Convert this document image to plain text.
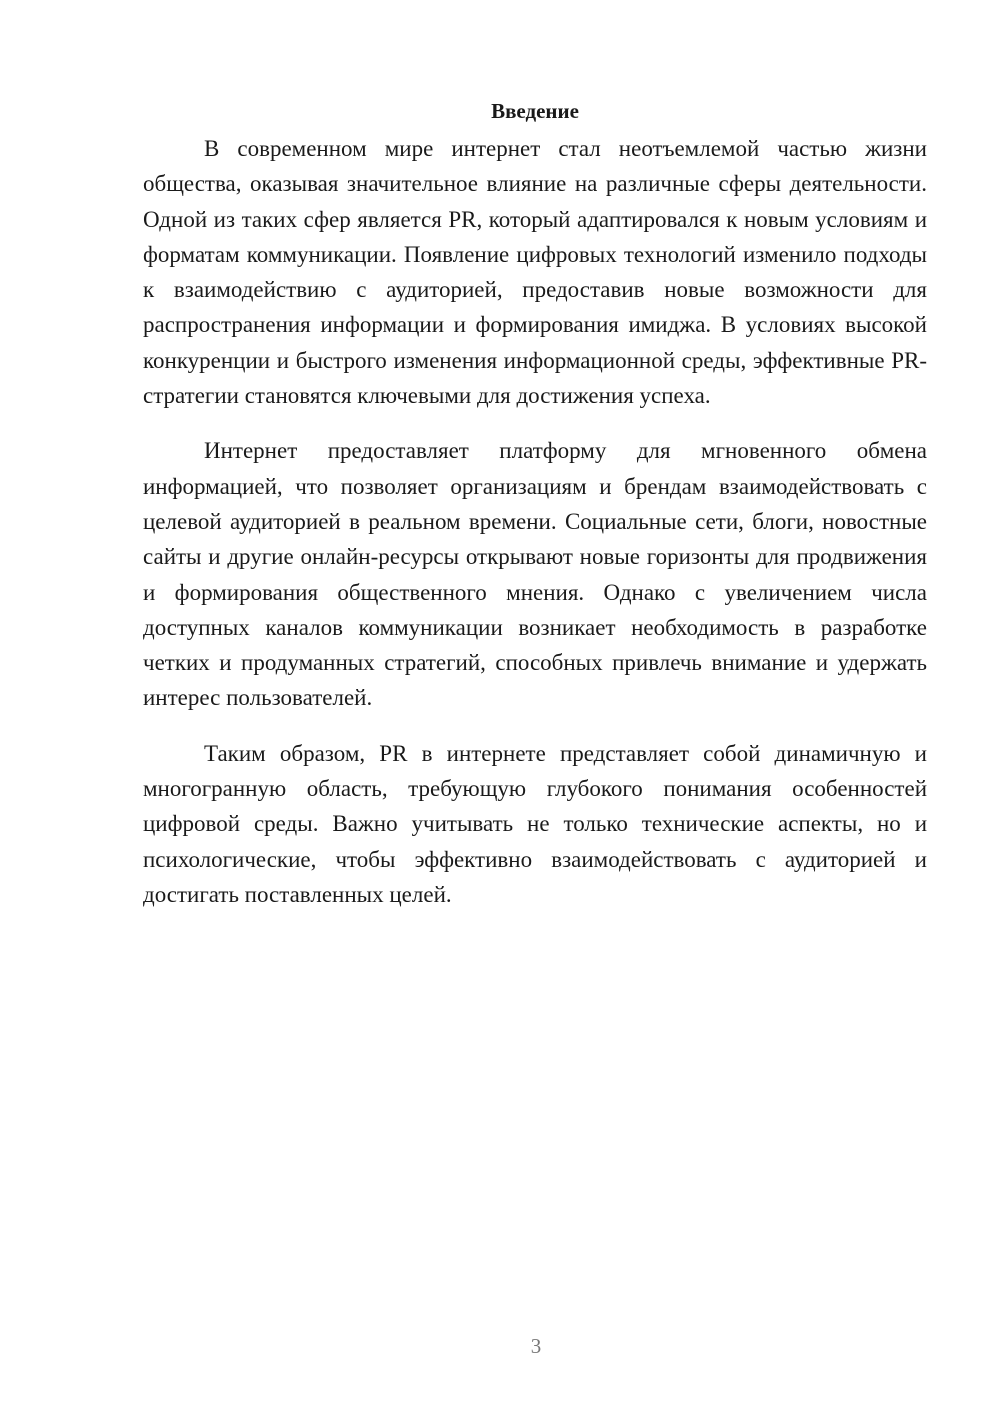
Введение

В современном мире интернет стал неотъемлемой частью жизни общества, оказывая значительное влияние на различные сферы деятельности. Одной из таких сфер является PR, который адаптировался к новым условиям и форматам коммуникации. Появление цифровых технологий изменило подходы к взаимодействию с аудиторией, предоставив новые возможности для распространения информации и формирования имиджа. В условиях высокой конкуренции и быстрого изменения информационной среды, эффективные PR-стратегии становятся ключевыми для достижения успеха.

Интернет предоставляет платформу для мгновенного обмена информацией, что позволяет организациям и брендам взаимодействовать с целевой аудиторией в реальном времени. Социальные сети, блоги, новостные сайты и другие онлайн-ресурсы открывают новые горизонты для продвижения и формирования общественного мнения. Однако с увеличением числа доступных каналов коммуникации возникает необходимость в разработке четких и продуманных стратегий, способных привлечь внимание и удержать интерес пользователей.

Таким образом, PR в интернете представляет собой динамичную и многогранную область, требующую глубокого понимания особенностей цифровой среды. Важно учитывать не только технические аспекты, но и психологические, чтобы эффективно взаимодействовать с аудиторией и достигать поставленных целей.

3
